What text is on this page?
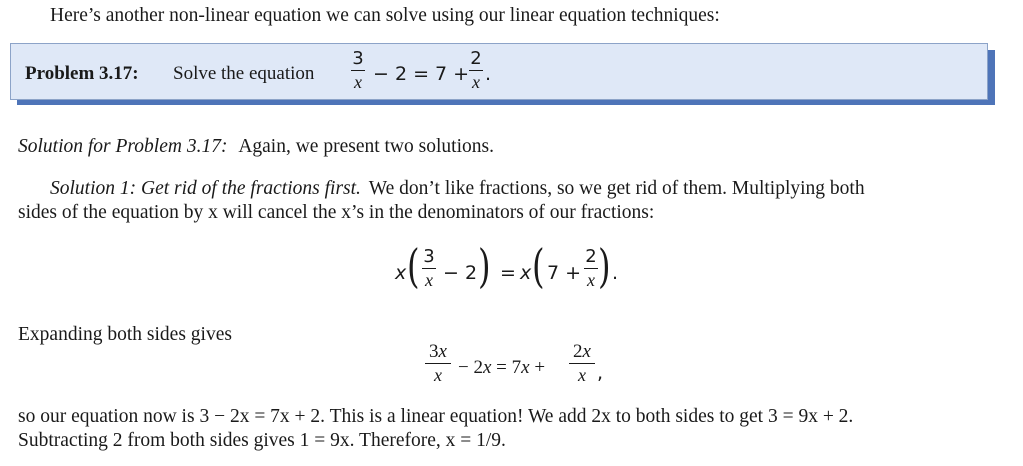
Here’s another non-linear equation we can solve using our linear equation techniques:
Problem 3.17: Solve the equation
3
x − 2 = 7 +
2
x .
Solution for Problem 3.17: Again, we present two solutions.
Solution 1: Get rid of the fractions first. We don’t like fractions, so we get rid of them. Multiplying both
sides of the equation by x will cancel the x’s in the denominators of our fractions:
x ( 3
x − 2 ) = x ( 7 +
2
x ) .
Expanding both sides gives
3x
x − 2x = 7x +
2x
x ,
so our equation now is 3 − 2x = 7x + 2. This is a linear equation! We add 2x to both sides to get 3 = 9x + 2.
Subtracting 2 from both sides gives 1 = 9x. Therefore, x = 1/9.
